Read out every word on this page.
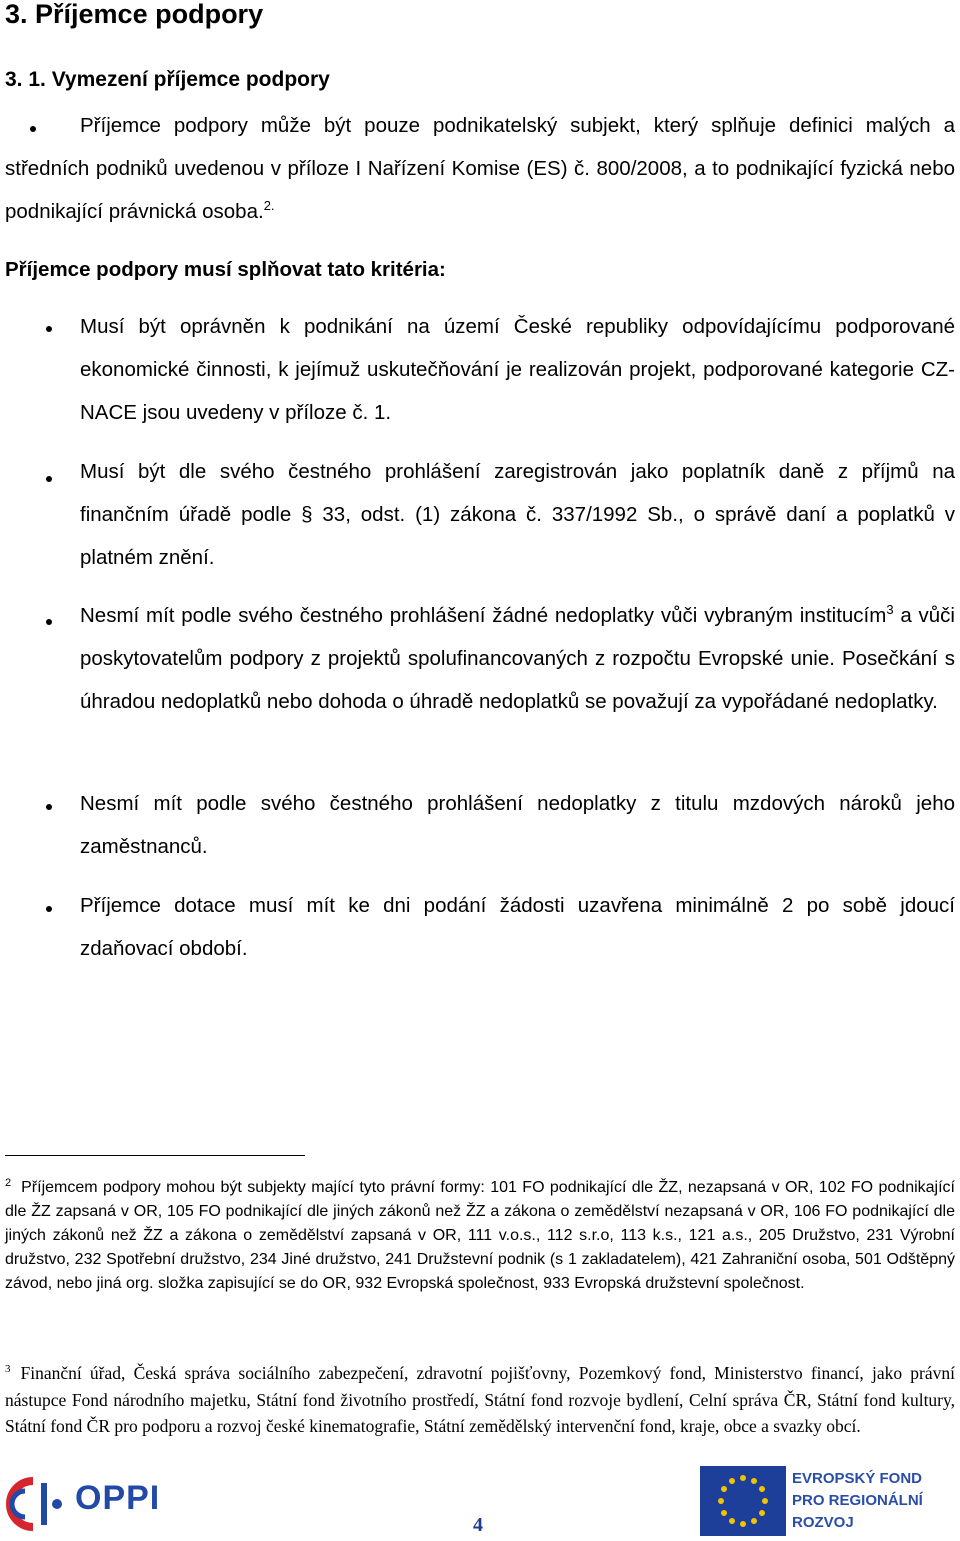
3. Příjemce podpory
3. 1. Vymezení příjemce podpory
Příjemce podpory může být pouze podnikatelský subjekt, který splňuje definici malých a středních podniků uvedenou v příloze I Nařízení Komise (ES) č. 800/2008, a to podnikající fyzická nebo podnikající právnická osoba.$^{2.}$
Příjemce podpory musí splňovat tato kritéria:
Musí být oprávněn k podnikání na území České republiky odpovídajícímu podporované ekonomické činnosti, k jejímuž uskutečňování je realizován projekt, podporované kategorie CZ-NACE jsou uvedeny v příloze č. 1.
Musí být dle svého čestného prohlášení zaregistrován jako poplatník daně z příjmů na finančním úřadě podle § 33, odst. (1) zákona č. 337/1992 Sb., o správě daní a poplatků v platném znění.
Nesmí mít podle svého čestného prohlášení žádné nedoplatky vůči vybraným institucím$^3$ a vůči poskytovatelům podpory z projektů spolufinancovaných z rozpočtu Evropské unie. Posečkání s úhradou nedoplatků nebo dohoda o úhradě nedoplatků se považují za vypořádané nedoplatky.
Nesmí mít podle svého čestného prohlášení nedoplatky z titulu mzdových nároků jeho zaměstnanců.
Příjemce dotace musí mít ke dni podání žádosti uzavřena minimálně 2 po sobě jdoucí zdaňovací období.
$^2$ Příjemcem podpory mohou být subjekty mající tyto právní formy: 101 FO podnikající dle ŽZ, nezapsaná v OR, 102 FO podnikající dle ŽZ zapsaná v OR, 105 FO podnikající dle jiných zákonů než ŽZ a zákona o zemědělství nezapsaná v OR, 106 FO podnikající dle jiných zákonů než ŽZ a zákona o zemědělství zapsaná v OR, 111 v.o.s., 112 s.r.o, 113 k.s., 121 a.s., 205 Družstvo, 231 Výrobní družstvo, 232 Spotřební družstvo, 234 Jiné družstvo, 241 Družstevní podnik (s 1 zakladatelem), 421 Zahraniční osoba, 501 Odštěpný závod, nebo jiná org. složka zapisující se do OR, 932 Evropská společnost, 933 Evropská družstevní společnost.
$^3$ Finanční úřad, Česká správa sociálního zabezpečení, zdravotní pojišťovny, Pozemkový fond, Ministerstvo financí, jako právní nástupce Fond národního majetku, Státní fond životního prostředí, Státní fond rozvoje bydlení, Celní správa ČR, Státní fond kultury, Státní fond ČR pro podporu a rozvoj české kinematografie, Státní zemědělský intervenční fond, kraje, obce a svazky obcí.
OPPI
4
EVROPSKÝ FOND
PRO REGIONÁLNÍ
ROZVOJ
